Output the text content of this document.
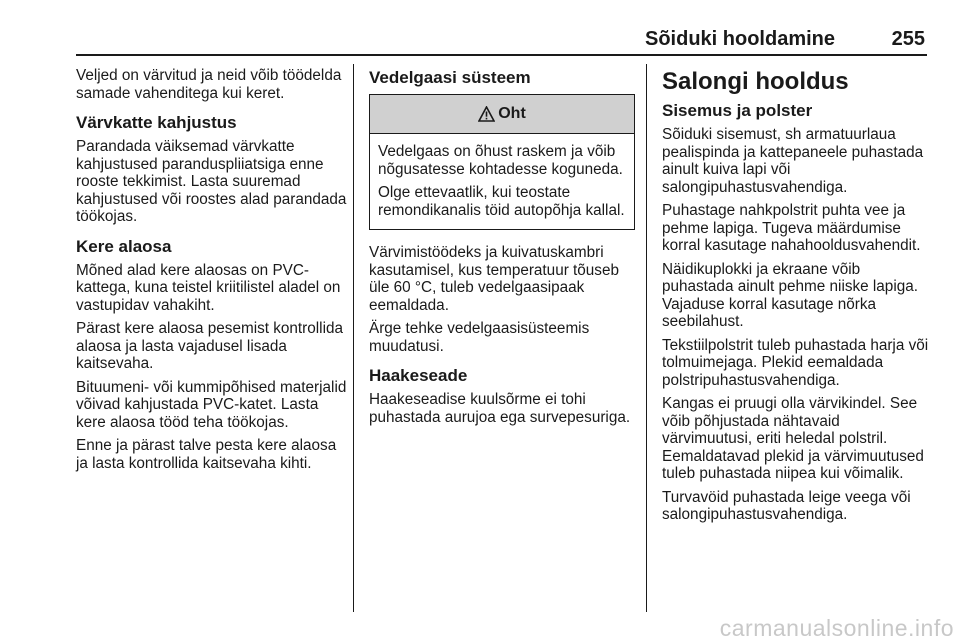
Sõiduki hooldamine	255

Veljed on värvitud ja neid võib töödelda samade vahenditega kui keret.

Värvkatte kahjustus

Parandada väiksemad värvkatte kahjustused paranduspliiatsiga enne rooste tekkimist. Lasta suuremad kahjustused või roostes alad parandada töökojas.

Kere alaosa

Mõned alad kere alaosas on PVC-kattega, kuna teistel kriitilistel aladel on vastupidav vahakiht.

Pärast kere alaosa pesemist kontrollida alaosa ja lasta vajadusel lisada kaitsevaha.

Bituumeni- või kummipõhised materjalid võivad kahjustada PVC-katet. Lasta kere alaosa tööd teha töökojas.

Enne ja pärast talve pesta kere alaosa ja lasta kontrollida kaitsevaha kihti.

Vedelgaasi süsteem
Oht

Vedelgaas on õhust raskem ja võib nõgusatesse kohtadesse koguneda.

Olge ettevaatlik, kui teostate remondikanalis töid autopõhja kallal.

Värvimistöödeks ja kuivatuskambri kasutamisel, kus temperatuur tõuseb üle 60 °C, tuleb vedelgaasipaak eemaldada.

Ärge tehke vedelgaasisüsteemis muudatusi.

Haakeseade

Haakeseadise kuulsõrme ei tohi puhastada aurujoa ega survepesuriga.

Salongi hooldus
Sisemus ja polster

Sõiduki sisemust, sh armatuurlaua pealispinda ja kattepaneele puhastada ainult kuiva lapi või salongipuhastusvahendiga.

Puhastage nahkpolstrit puhta vee ja pehme lapiga. Tugeva määrdumise korral kasutage nahahooldusvahendit.

Näidikuplokki ja ekraane võib puhastada ainult pehme niiske lapiga. Vajaduse korral kasutage nõrka seebilahust.

Tekstiilpolstrit tuleb puhastada harja või tolmuimejaga. Plekid eemaldada polstripuhastusvahendiga.

Kangas ei pruugi olla värvikindel. See võib põhjustada nähtavaid värvimuutusi, eriti heledal polstril. Eemaldatavad plekid ja värvimuutused tuleb puhastada niipea kui võimalik.

Turvavöid puhastada leige veega või salongipuhastusvahendiga.

carmanualsonline.info
